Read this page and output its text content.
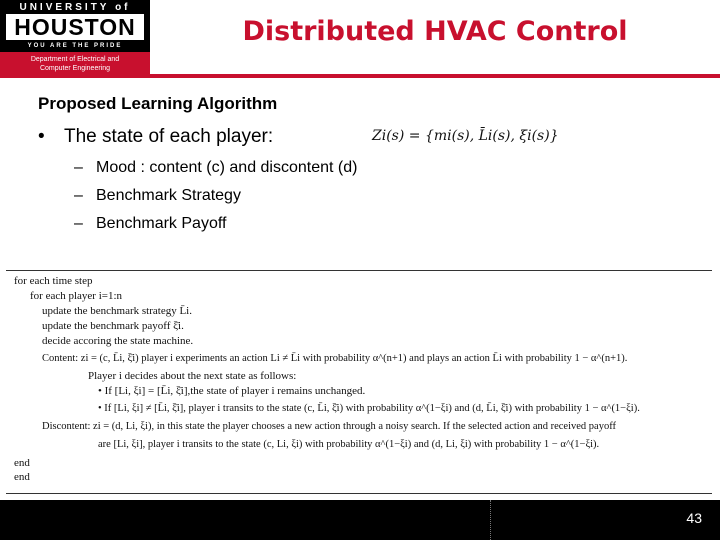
UNIVERSITY of
HOUSTON
YOU ARE THE PRIDE
Department of Electrical and
Computer Engineering
Distributed HVAC Control
Proposed Learning Algorithm
• The state of each player:	Zi(s) = {mi(s), L̄i(s), ξi(s)}
– Mood : content (c) and discontent (d)
– Benchmark Strategy
– Benchmark Payoff
for each time step
for each player i=1:n
update the benchmark strategy L̄i.
update the benchmark payoff ξ̄i.
decide accoring the state machine.
Content: zi = (c, L̄i, ξ̄i) player i experiments an action Li ≠ L̄i with probability α^(n+1) and plays an action L̄i with probability 1 − α^(n+1).
Player i decides about the next state as follows:
• If [Li, ξi] = [L̄i, ξ̄i],the state of player i remains unchanged.
• If [Li, ξi] ≠ [L̄i, ξ̄i], player i transits to the state (c, L̄i, ξ̄i) with probability α^(1−ξi) and (d, L̄i, ξ̄i) with probability 1 − α^(1−ξi).
Discontent: zi = (d, Li, ξi), in this state the player chooses a new action through a noisy search. If the selected action and received payoff
are [Li, ξi], player i transits to the state (c, Li, ξi) with probability α^(1−ξi) and (d, Li, ξi) with probability 1 − α^(1−ξi).
end
end
43
